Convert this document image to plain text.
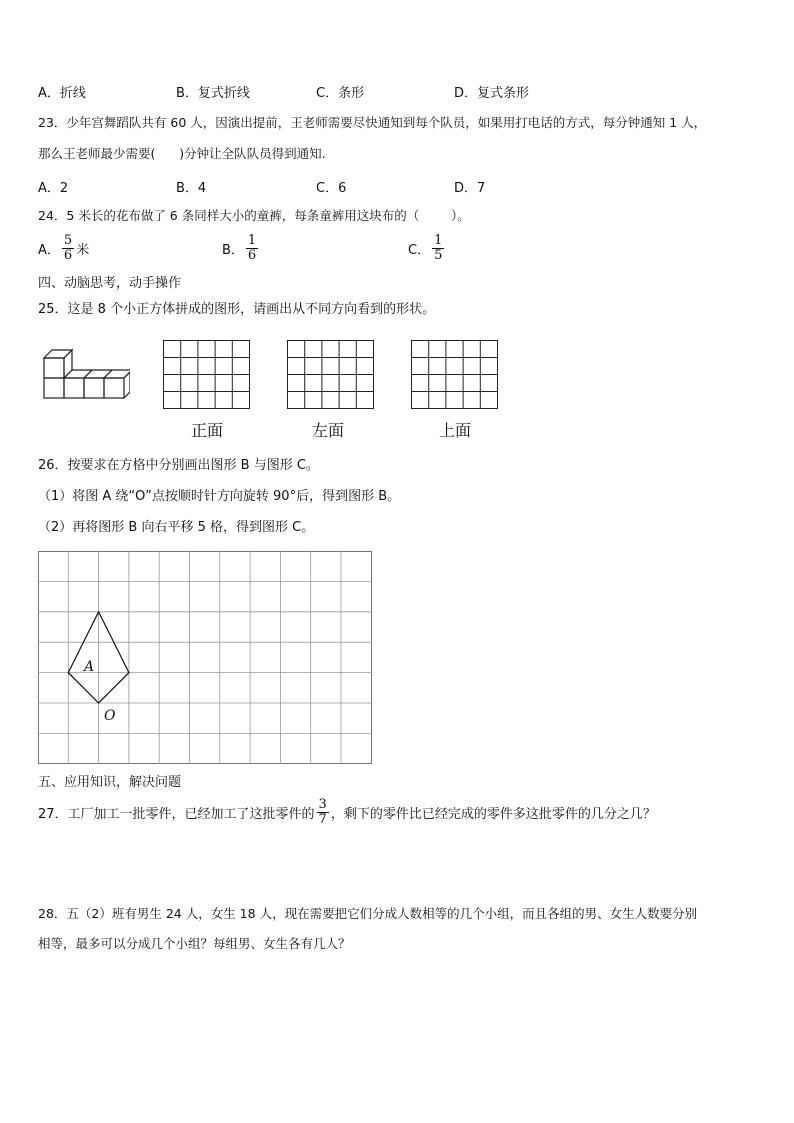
A．折线	B．复式折线	C．条形	D．复式条形
23．少年宫舞蹈队共有 60 人，因演出提前，王老师需要尽快通知到每个队员，如果用打电话的方式，每分钟通知 1 人，
那么王老师最少需要(      )分钟让全队队员得到通知.
A．2	B．4	C．6	D．7
24．5 米长的花布做了 6 条同样大小的童裤，每条童裤用这块布的（        ）。
A． $\frac{5}{6}$ 米	B． $\frac{1}{6}$	C． $\frac{1}{5}$
四、动脑思考，动手操作
25．这是 8 个小正方体拼成的图形，请画出从不同方向看到的形状。
正面	左面	上面
26．按要求在方格中分别画出图形 B 与图形 C。
（1）将图 A 绕“O”点按顺时针方向旋转 90°后，得到图形 B。
（2）再将图形 B 向右平移 5 格，得到图形 C。
A
O
五、应用知识，解决问题
27．工厂加工一批零件，已经加工了这批零件的 $\frac{3}{7}$ ，剩下的零件比已经完成的零件多这批零件的几分之几？
28．五（2）班有男生 24 人，女生 18 人，现在需要把它们分成人数相等的几个小组，而且各组的男、女生人数要分别
相等，最多可以分成几个小组？每组男、女生各有几人？
